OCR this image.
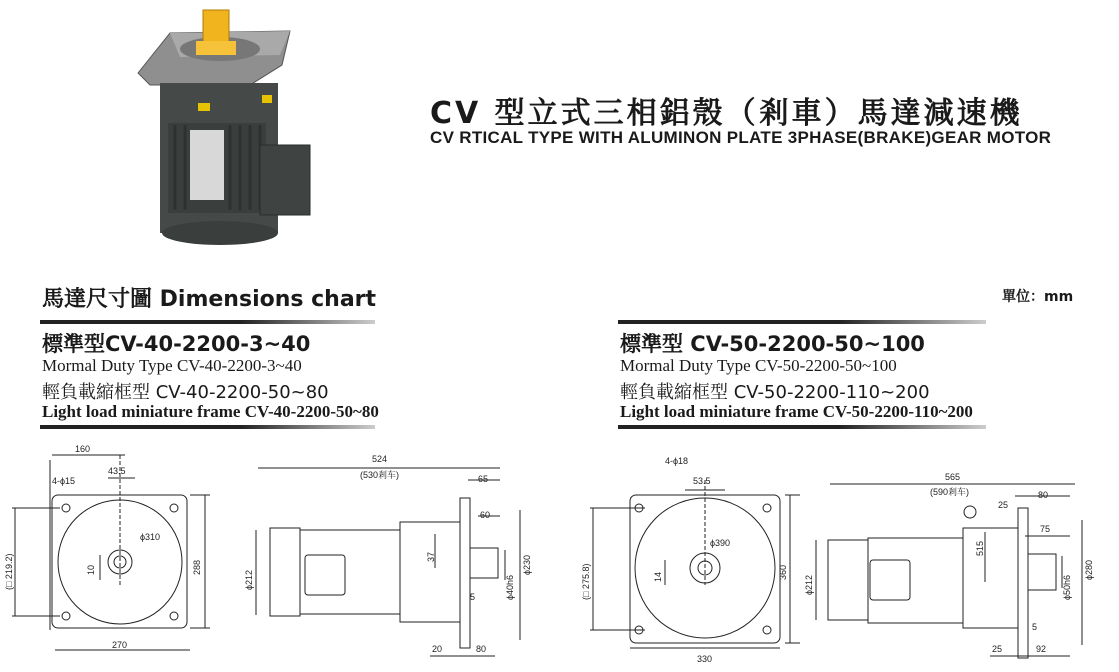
CV 型立式三相鋁殼（剎車）馬達減速機
CV RTICAL TYPE WITH ALUMINON PLATE 3PHASE(BRAKE)GEAR MOTOR
馬達尺寸圖 Dimensions chart	單位：mm
標準型CV-40-2200-3~40
Mormal Duty Type CV-40-2200-3~40
輕負載縮框型 CV-40-2200-50~80
Light load miniature frame CV-40-2200-50~80
標準型 CV-50-2200-50~100
Mormal Duty Type CV-50-2200-50~100
輕負載縮框型 CV-50-2200-110~200
Light load miniature frame CV-50-2200-110~200
160
43.5
4-ϕ15
(□ 219.2)
ϕ310
10	288
270
524
(530剎车)	65
60
37	ϕ230
ϕ212	ϕ40h6
5
20	80
4-ϕ18
53.5
(□ 275.8)
ϕ390
14	360
330
565
(590剎车)
25
80
75
515
ϕ280
ϕ212	ϕ50h6
5
25	92
